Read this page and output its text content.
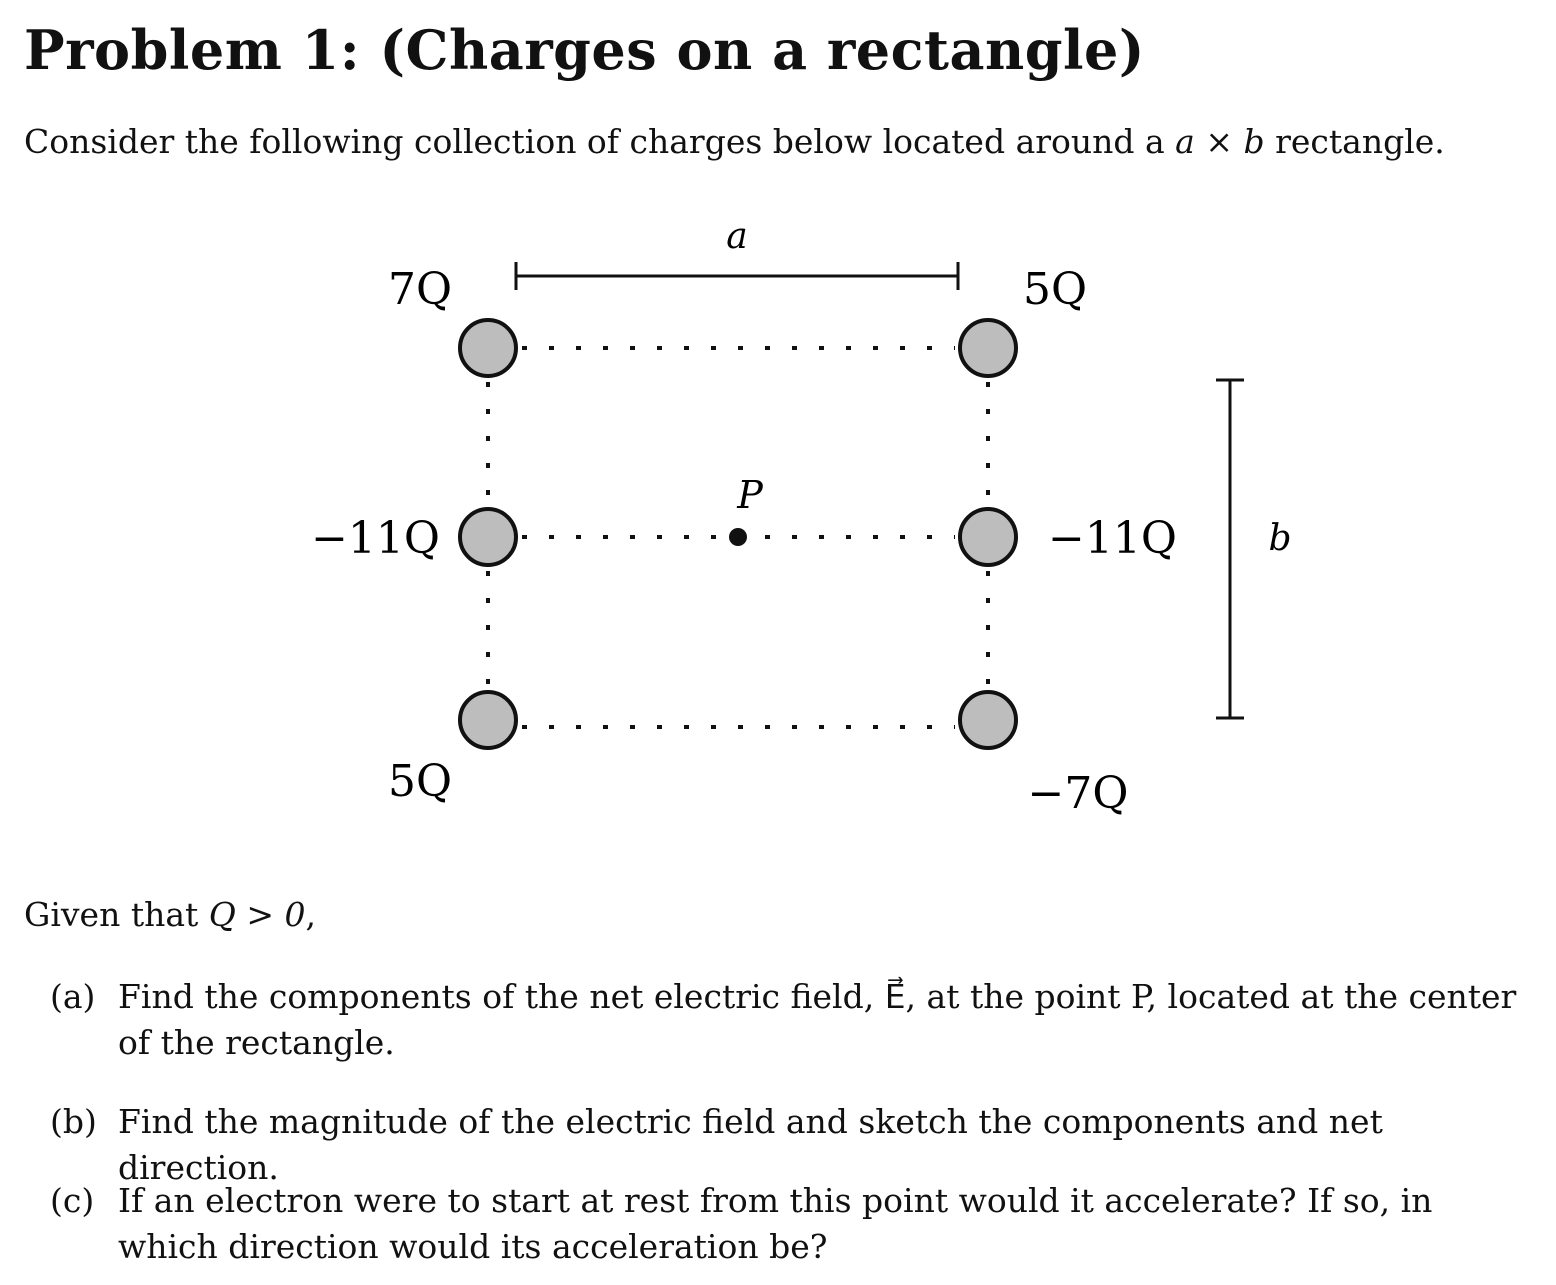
Problem 1: (Charges on a rectangle)
Consider the following collection of charges below located around a a × b rectangle.
a
b
P
7Q	5Q
−11Q	−11Q
5Q	−7Q
Given that Q > 0,
(a) Find the components of the net electric field, E⃗, at the point P, located at the center of the rectangle.
(b) Find the magnitude of the electric field and sketch the components and net direction.
(c) If an electron were to start at rest from this point would it accelerate? If so, in which direction would its acceleration be?
